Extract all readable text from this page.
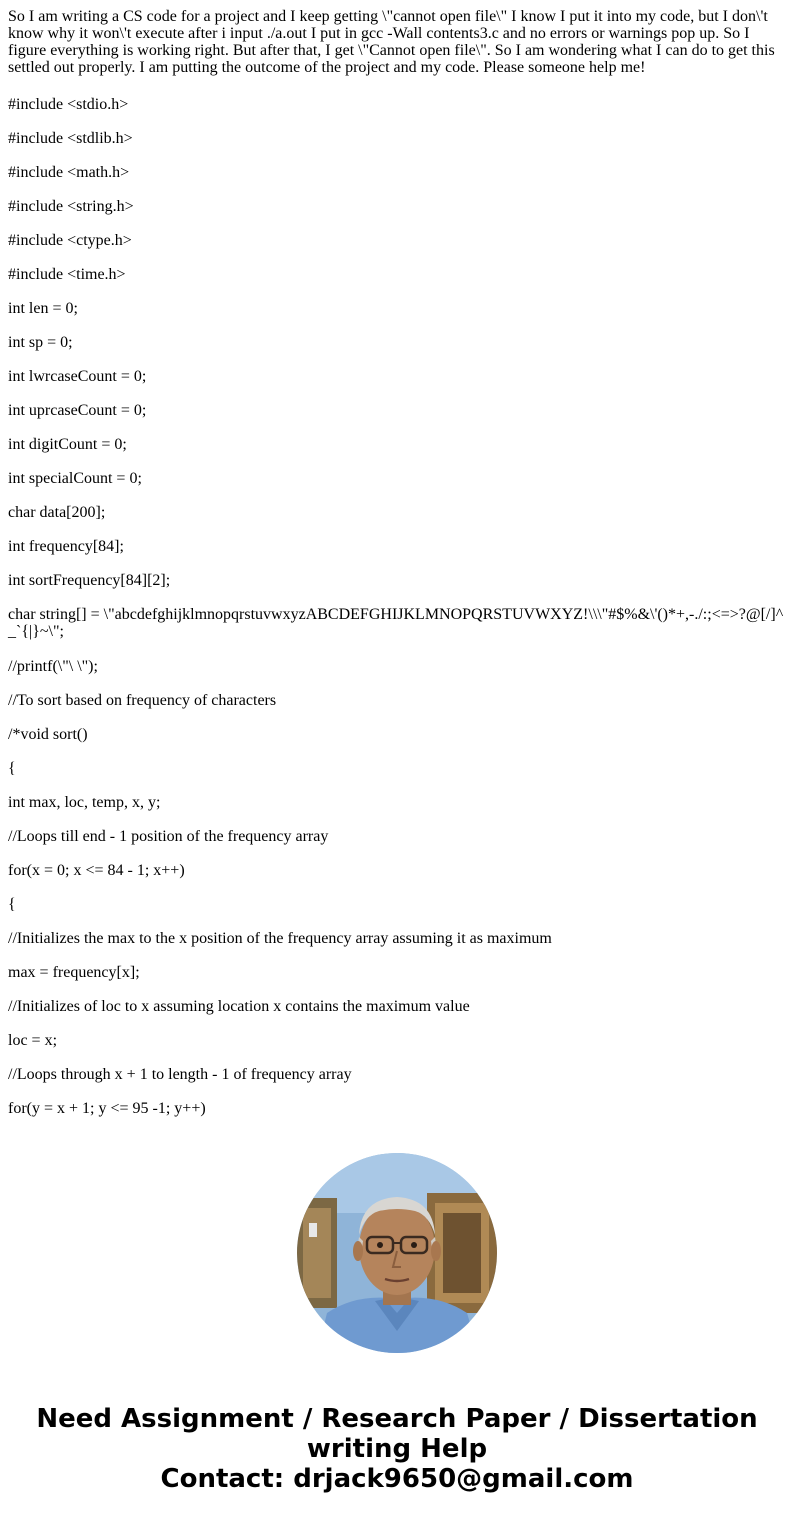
So I am writing a CS code for a project and I keep getting \"cannot open file\" I know I put it into my code, but I don\'t know why it won\'t execute after i input ./a.out I put in gcc -Wall contents3.c and no errors or warnings pop up. So I figure everything is working right. But after that, I get \"Cannot open file\". So I am wondering what I can do to get this settled out properly. I am putting the outcome of the project and my code. Please someone help me!

#include <stdio.h>

#include <stdlib.h>

#include <math.h>

#include <string.h>

#include <ctype.h>

#include <time.h>

int len = 0;

int sp = 0;

int lwrcaseCount = 0;

int uprcaseCount = 0;

int digitCount = 0;

int specialCount = 0;

char data[200];

int frequency[84];

int sortFrequency[84][2];

char string[] = \"abcdefghijklmnopqrstuvwxyzABCDEFGHIJKLMNOPQRSTUVWXYZ!\\\"#$%&\'()*+,-./:;<=>?@[/]^_`{|}~\";

//printf(\"\ \");

//To sort based on frequency of characters

/*void sort()

{

int max, loc, temp, x, y;

//Loops till end - 1 position of the frequency array

for(x = 0; x <= 84 - 1; x++)

{

//Initializes the max to the x position of the frequency array assuming it as maximum

max = frequency[x];

//Initializes of loc to x assuming location x contains the maximum value

loc = x;

//Loops through x + 1 to length - 1 of frequency array

for(y = x + 1; y <= 95 -1; y++)

Need Assignment / Research Paper / Dissertation
writing Help
Contact: drjack9650@gmail.com
